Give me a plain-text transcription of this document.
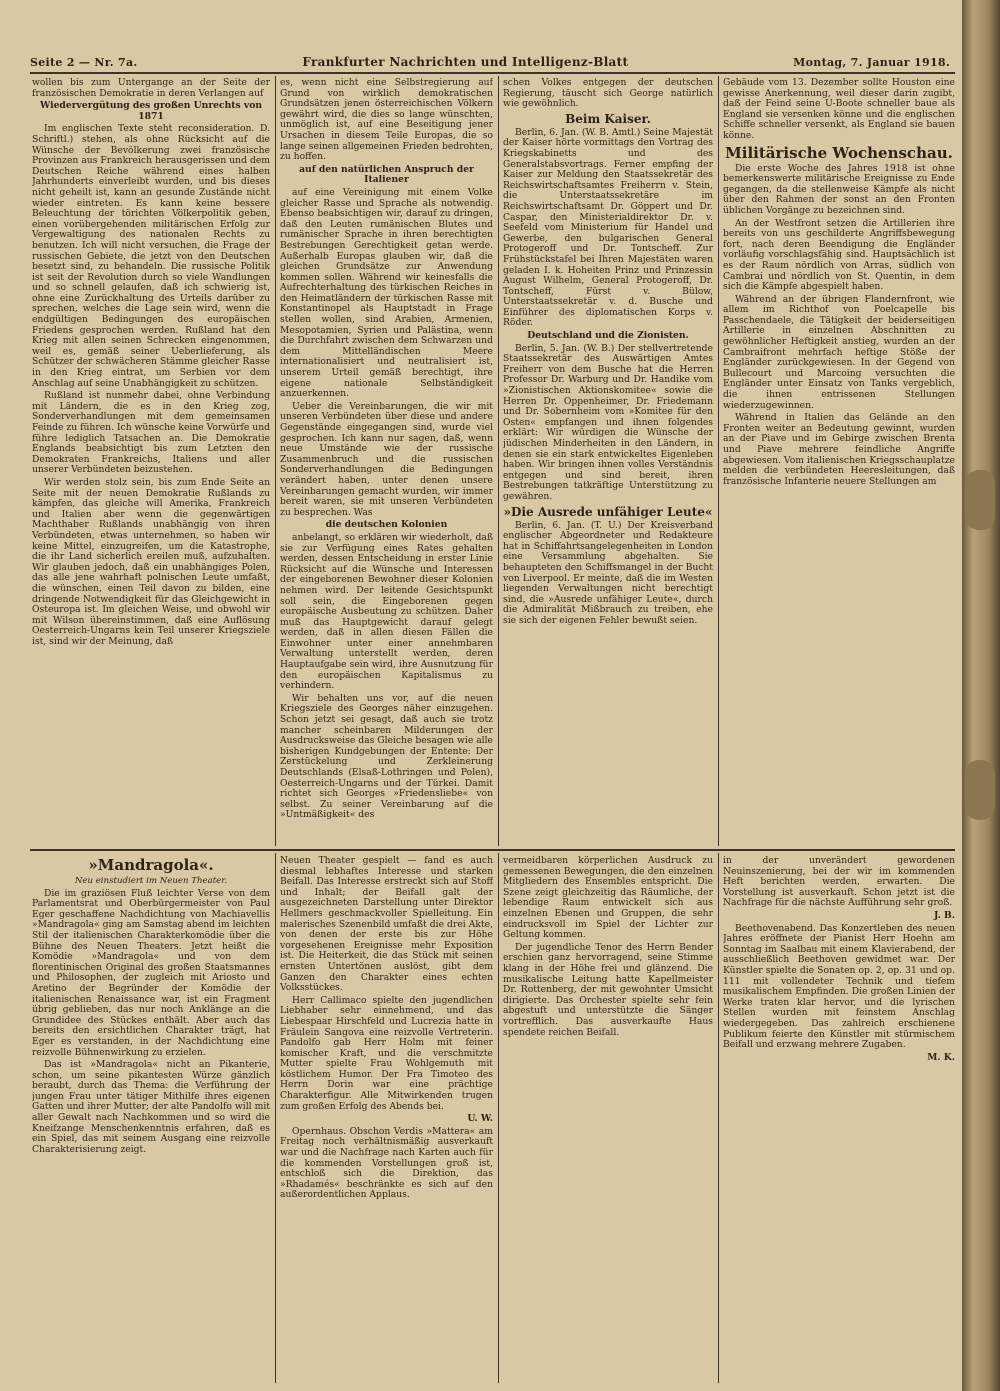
Seite 2 — Nr. 7a.	Frankfurter Nachrichten und Intelligenz-Blatt	Montag, 7. Januar 1918.

wollen bis zum Untergange an der Seite der französischen Demokratie in deren Verlangen auf

Wiedervergütung des großen Unrechts von 1871

Im englischen Texte steht reconsideration. D. Schriftl.) stehen, als ohne Rücksicht auf die Wünsche der Bevölkerung zwei französische Provinzen aus Frankreich herausgerissen und dem Deutschen Reiche während eines halben Jahrhunderts einverleibt wurden, und bis dieses nicht geheilt ist, kann an gesunde Zustände nicht wieder eintreten. Es kann keine bessere Beleuchtung der törichten Völkerpolitik geben, einen vorübergehenden militärischen Erfolg zur Vergewaltigung des nationalen Rechts zu benutzen. Ich will nicht versuchen, die Frage der russischen Gebiete, die jetzt von den Deutschen besetzt sind, zu behandeln. Die russische Politik ist seit der Revolution durch so viele Wandlungen und so schnell gelaufen, daß ich schwierig ist, ohne eine Zurückhaltung des Urteils darüber zu sprechen, welches die Lage sein wird, wenn die endgültigen Bedingungen des europäischen Friedens gesprochen werden. Rußland hat den Krieg mit allen seinen Schrecken eingenommen, weil es, gemäß seiner Ueberlieferung, als Schützer der schwächeren Stämme gleicher Rasse in den Krieg eintrat, um Serbien vor dem Anschlag auf seine Unabhängigkeit zu schützen.

Rußland ist nunmehr dabei, ohne Verbindung mit Ländern, die es in den Krieg zog, Sonderverhandlungen mit dem gemeinsamen Feinde zu führen. Ich wünsche keine Vorwürfe und führe lediglich Tatsachen an. Die Demokratie Englands beabsichtigt bis zum Letzten den Demokraten Frankreichs, Italiens und aller unserer Verbündeten beizustehen.

Wir werden stolz sein, bis zum Ende Seite an Seite mit der neuen Demokratie Rußlands zu kämpfen, das gleiche will Amerika, Frankreich und Italien aber wenn die gegenwärtigen Machthaber Rußlands unabhängig von ihren Verbündeten, etwas unternehmen, so haben wir keine Mittel, einzugreifen, um die Katastrophe, die ihr Land sicherlich ereilen muß, aufzuhalten. Wir glauben jedoch, daß ein unabhängiges Polen, das alle jene wahrhaft polnischen Leute umfaßt, die wünschen, einen Teil davon zu bilden, eine dringende Notwendigkeit für das Gleichgewicht in Osteuropa ist. Im gleichen Weise, und obwohl wir mit Wilson übereinstimmen, daß eine Auflösung Oesterreich-Ungarns kein Teil unserer Kriegsziele ist, sind wir der Meinung, daß

es, wenn nicht eine Selbstregierung auf Grund von wirklich demokratischen Grundsätzen jenen österreichischen Völkern gewährt wird, die dies so lange wünschten, unmöglich ist, auf eine Beseitigung jener Ursachen in diesem Teile Europas, die so lange seinen allgemeinen Frieden bedrohten, zu hoffen.

auf den natürlichen Anspruch der Italiener

auf eine Vereinigung mit einem Volke gleicher Rasse und Sprache als notwendig. Ebenso beabsichtigen wir, darauf zu dringen, daß den Leuten rumänischen Blutes und rumänischer Sprache in ihren berechtigten Bestrebungen Gerechtigkeit getan werde. Außerhalb Europas glauben wir, daß die gleichen Grundsätze zur Anwendung kommen sollen. Während wir keinesfalls die Aufrechterhaltung des türkischen Reiches in den Heimatländern der türkischen Rasse mit Konstantinopel als Hauptstadt in Frage stellen wollen, sind Arabien, Armenien, Mesopotamien, Syrien und Palästina, wenn die Durchfahrt zwischen dem Schwarzen und dem Mittelländischen Meere internationalisiert und neutralisiert ist, unserem Urteil gemäß berechtigt, ihre eigene nationale Selbständigkeit anzuerkennen.

Ueber die Vereinbarungen, die wir mit unseren Verbündeten über diese und andere Gegenstände eingegangen sind, wurde viel gesprochen. Ich kann nur sagen, daß, wenn neue Umstände wie der russische Zusammenbruch und die russischen Sonderverhandlungen die Bedingungen verändert haben, unter denen unsere Vereinbarungen gemacht wurden, wir immer bereit waren, sie mit unseren Verbündeten zu besprechen. Was

die deutschen Kolonien

anbelangt, so erklären wir wiederholt, daß sie zur Verfügung eines Rates gehalten werden, dessen Entscheidung in erster Linie Rücksicht auf die Wünsche und Interessen der eingeborenen Bewohner dieser Kolonien nehmen wird. Der leitende Gesichtspunkt soll sein, die Eingeborenen gegen europäische Ausbeutung zu schützen. Daher muß das Hauptgewicht darauf gelegt werden, daß in allen diesen Fällen die Einwohner unter einer annehmbaren Verwaltung unterstellt werden, deren Hauptaufgabe sein wird, ihre Ausnutzung für den europäischen Kapitalismus zu verhindern.

Wir behalten uns vor, auf die neuen Kriegsziele des Georges näher einzugehen. Schon jetzt sei gesagt, daß auch sie trotz mancher scheinbaren Milderungen der Ausdrucksweise das Gleiche besagen wie alle bisherigen Kundgebungen der Entente: Der Zerstückelung und Zerkleinerung Deutschlands (Elsaß-Lothringen und Polen), Oesterreich-Ungarns und der Türkei. Damit richtet sich Georges »Friedensliebe« von selbst. Zu seiner Vereinbarung auf die »Untmäßigkeit« des

schen Volkes entgegen der deutschen Regierung, täuscht sich George natürlich wie gewöhnlich.

Beim Kaiser.

Berlin, 6. Jan. (W. B. Amtl.) Seine Majestät der Kaiser hörte vormittags den Vortrag des Kriegskabinetts und des Generalstabsvortrags. Ferner empfing der Kaiser zur Meldung den Staatssekretär des Reichswirtschaftsamtes Freiherrn v. Stein, die Unterstaatssekretäre im Reichswirtschaftsamt Dr. Göppert und Dr. Caspar, den Ministerialdirektor Dr. v. Seefeld vom Ministerium für Handel und Gewerbe, den bulgarischen General Protogeroff und Dr. Tontscheff. Zur Frühstückstafel bei Ihren Majestäten waren geladen I. k. Hoheiten Prinz und Prinzessin August Wilhelm, General Protogeroff, Dr. Tontscheff, Fürst v. Bülow, Unterstaatssekretär v. d. Busche und Einführer des diplomatischen Korps v. Röder.

Deutschland und die Zionisten.

Berlin, 5. Jan. (W. B.) Der stellvertretende Staatssekretär des Auswärtigen Amtes Freiherr von dem Busche hat die Herren Professor Dr. Warburg und Dr. Handike vom »Zionistischen Aktionskomitee« sowie die Herren Dr. Oppenheimer, Dr. Friedemann und Dr. Sobernheim vom »Komitee für den Osten« empfangen und ihnen folgendes erklärt: Wir würdigen die Wünsche der jüdischen Minderheiten in den Ländern, in denen sie ein stark entwickeltes Eigenleben haben. Wir bringen ihnen volles Verständnis entgegen und sind bereit, ihren Bestrebungen tatkräftige Unterstützung zu gewähren.

»Die Ausrede unfähiger Leute«

Berlin, 6. Jan. (T. U.) Der Kreisverband englischer Abgeordneter und Redakteure hat in Schiffahrtsangelegenheiten in London eine Versammlung abgehalten. Sie behaupteten den Schiffsmangel in der Bucht von Liverpool. Er meinte, daß die im Westen liegenden Verwaltungen nicht berechtigt sind, die »Ausrede unfähiger Leute«, durch die Admiralität Mißbrauch zu treiben, ehe sie sich der eigenen Fehler bewußt seien.

Gebäude vom 13. Dezember sollte Houston eine gewisse Anerkennung, weil dieser darin zugibt, daß der Feind seine U-Boote schneller baue als England sie versenken könne und die englischen Schiffe schneller versenkt, als England sie bauen könne.

Militärische Wochenschau.

Die erste Woche des Jahres 1918 ist ohne bemerkenswerte militärische Ereignisse zu Ende gegangen, da die stellenweise Kämpfe als nicht über den Rahmen der sonst an den Fronten üblichen Vorgänge zu bezeichnen sind.

An der Westfront setzen die Artillerien ihre bereits von uns geschilderte Angriffsbewegung fort, nach deren Beendigung die Engländer vorläufig vorschlagsfähig sind. Hauptsächlich ist es der Raum nördlich von Arras, südlich von Cambrai und nördlich von St. Quentin, in dem sich die Kämpfe abgespielt haben.

Während an der übrigen Flandernfront, wie allem im Richthof von Poelcapelle bis Passchendaele, die Tätigkeit der beiderseitigen Artillerie in einzelnen Abschnitten zu gewöhnlicher Heftigkeit anstieg, wurden an der Cambraifront mehrfach heftige Stöße der Engländer zurückgewiesen. In der Gegend von Bullecourt und Marcoing versuchten die Engländer unter Einsatz von Tanks vergeblich, die ihnen entrissenen Stellungen wiederzugewinnen.

Während in Italien das Gelände an den Fronten weiter an Bedeutung gewinnt, wurden an der Piave und im Gebirge zwischen Brenta und Piave mehrere feindliche Angriffe abgewiesen. Vom italienischen Kriegsschauplatze melden die verbündeten Heeresleitungen, daß französische Infanterie neuere Stellungen am

»Mandragola«.

Neu einstudiert im Neuen Theater.

Die im graziösen Fluß leichter Verse von dem Parlamentsrat und Oberbürgermeister von Paul Eger geschaffene Nachdichtung von Machiavellis »Mandragola« ging am Samstag abend im leichten Stil der italienischen Charakterkomödie über die Bühne des Neuen Theaters. Jetzt heißt die Komödie »Mandragola« und von dem florentinischen Original des großen Staatsmannes und Philosophen, der zugleich mit Ariosto und Aretino der Begründer der Komödie der italienischen Renaissance war, ist ein Fragment übrig geblieben, das nur noch Anklänge an die Grundidee des Stückes enthält. Aber auch das bereits den ersichtlichen Charakter trägt, hat Eger es verstanden, in der Nachdichtung eine reizvolle Bühnenwirkung zu erzielen.

Das ist »Mandragola« nicht an Pikanterie, schon, um seine pikantesten Würze gänzlich beraubt, durch das Thema: die Verführung der jungen Frau unter tätiger Mithilfe ihres eigenen Gatten und ihrer Mutter; der alte Pandolfo will mit aller Gewalt nach Nachkommen und so wird die Kneifzange Menschenkenntnis erfahren, daß es ein Spiel, das mit seinem Ausgang eine reizvolle Charakterisierung zeigt.

Neuen Theater gespielt — fand es auch diesmal lebhaftes Interesse und starken Beifall. Das Interesse erstreckt sich auf Stoff und Inhalt; der Beifall galt der ausgezeichneten Darstellung unter Direktor Hellmers geschmackvoller Spielleitung. Ein malerisches Szenenbild umfaßt die drei Akte, von denen der erste bis zur Höhe vorgesehenen Ereignisse mehr Exposition ist. Die Heiterkeit, die das Stück mit seinen ernsten Untertönen auslöst, gibt dem Ganzen den Charakter eines echten Volksstückes.

Herr Callimaco spielte den jugendlichen Liebhaber sehr einnehmend, und das Liebespaar Hirschfeld und Lucrezia hatte in Fräulein Sangova eine reizvolle Vertreterin. Pandolfo gab Herr Holm mit feiner komischer Kraft, und die verschmitzte Mutter spielte Frau Wohlgemuth mit köstlichem Humor. Der Fra Timoteo des Herrn Dorin war eine prächtige Charakterfigur. Alle Mitwirkenden trugen zum großen Erfolg des Abends bei.

U. W.

Opernhaus. Obschon Verdis »Mattera« am Freitag noch verhältnismäßig ausverkauft war und die Nachfrage nach Karten auch für die kommenden Vorstellungen groß ist, entschloß sich die Direktion, das »Rhadamés« beschränkte es sich auf den außerordentlichen Applaus.

vermeidbaren körperlichen Ausdruck zu gemessenen Bewegungen, die den einzelnen Mitgliedern des Ensembles entspricht. Die Szene zeigt gleichzeitig das Räumliche, der lebendige Raum entwickelt sich aus einzelnen Ebenen und Gruppen, die sehr eindrucksvoll im Spiel der Lichter zur Geltung kommen.

Der jugendliche Tenor des Herrn Bender erschien ganz hervorragend, seine Stimme klang in der Höhe frei und glänzend. Die musikalische Leitung hatte Kapellmeister Dr. Rottenberg, der mit gewohnter Umsicht dirigierte. Das Orchester spielte sehr fein abgestuft und unterstützte die Sänger vortrefflich. Das ausverkaufte Haus spendete reichen Beifall.

in der unverändert gewordenen Neuinszenierung, bei der wir im kommenden Heft berichten werden, erwarten. Die Vorstellung ist ausverkauft. Schon jetzt ist die Nachfrage für die nächste Aufführung sehr groß.

J. B.

Beethovenabend. Das Konzertleben des neuen Jahres eröffnete der Pianist Herr Hoehn am Sonntag im Saalbau mit einem Klavierabend, der ausschließlich Beethoven gewidmet war. Der Künstler spielte die Sonaten op. 2, op. 31 und op. 111 mit vollendeter Technik und tiefem musikalischem Empfinden. Die großen Linien der Werke traten klar hervor, und die lyrischen Stellen wurden mit feinstem Anschlag wiedergegeben. Das zahlreich erschienene Publikum feierte den Künstler mit stürmischem Beifall und erzwang mehrere Zugaben.

M. K.
